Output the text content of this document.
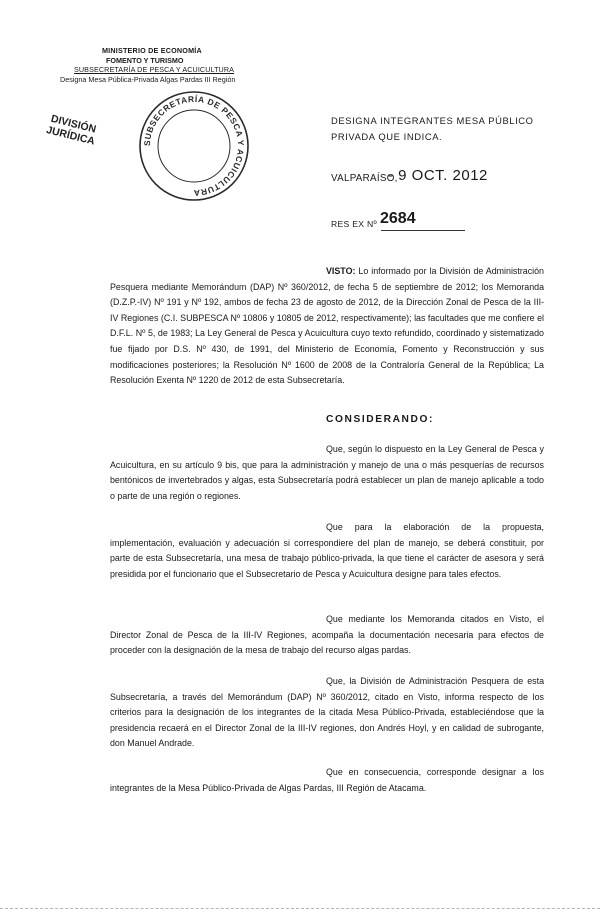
MINISTERIO DE ECONOMÍA
FOMENTO Y TURISMO
SUBSECRETARÍA DE PESCA Y ACUICULTURA
Designa Mesa Pública-Privada Algas Pardas III Región
SUBSECRETARÍA DE PESCA Y ACUICULTURA
DIVISIÓN JURÍDICA
DESIGNA INTEGRANTES MESA PÚBLICO PRIVADA QUE INDICA.
VALPARAÍSO,
- 9 OCT. 2012
RES EX Nº 2684
VISTO: Lo informado por la División de Administración Pesquera mediante Memorándum (DAP) Nº 360/2012, de fecha 5 de septiembre de 2012; los Memoranda (D.Z.P.-IV) Nº 191 y Nº 192, ambos de fecha 23 de agosto de 2012, de la Dirección Zonal de Pesca de la III-IV Regiones (C.I. SUBPESCA Nº 10806 y 10805 de 2012, respectivamente); las facultades que me confiere el D.F.L. Nº 5, de 1983; La Ley General de Pesca y Acuicultura cuyo texto refundido, coordinado y sistematizado fue fijado por D.S. Nº 430, de 1991, del Ministerio de Economía, Fomento y Reconstrucción y sus modificaciones posteriores; la Resolución Nº 1600 de 2008 de la Contraloría General de la República; La Resolución Exenta Nº 1220 de 2012 de esta Subsecretaría.
CONSIDERANDO:
Que, según lo dispuesto en la Ley General de Pesca y Acuicultura, en su artículo 9 bis, que para la administración y manejo de una o más pesquerías de recursos bentónicos de invertebrados y algas, esta Subsecretaría podrá establecer un plan de manejo aplicable a todo o parte de una región o regiones.
Que para la elaboración de la propuesta, implementación, evaluación y adecuación si correspondiere del plan de manejo, se deberá constituir, por parte de esta Subsecretaría, una mesa de trabajo público-privada, la que tiene el carácter de asesora y será presidida por el funcionario que el Subsecretario de Pesca y Acuicultura designe para tales efectos.
Que mediante los Memoranda citados en Visto, el Director Zonal de Pesca de la III-IV Regiones, acompaña la documentación necesaria para efectos de proceder con la designación de la mesa de trabajo del recurso algas pardas.
Que, la División de Administración Pesquera de esta Subsecretaría, a través del Memorándum (DAP) Nº 360/2012, citado en Visto, informa respecto de los criterios para la designación de los integrantes de la citada Mesa Público-Privada, estableciéndose que la presidencia recaerá en el Director Zonal de la III-IV regiones, don Andrés Hoyl, y en calidad de subrogante, don Manuel Andrade.
Que en consecuencia, corresponde designar a los integrantes de la Mesa Público-Privada de Algas Pardas, III Región de Atacama.
